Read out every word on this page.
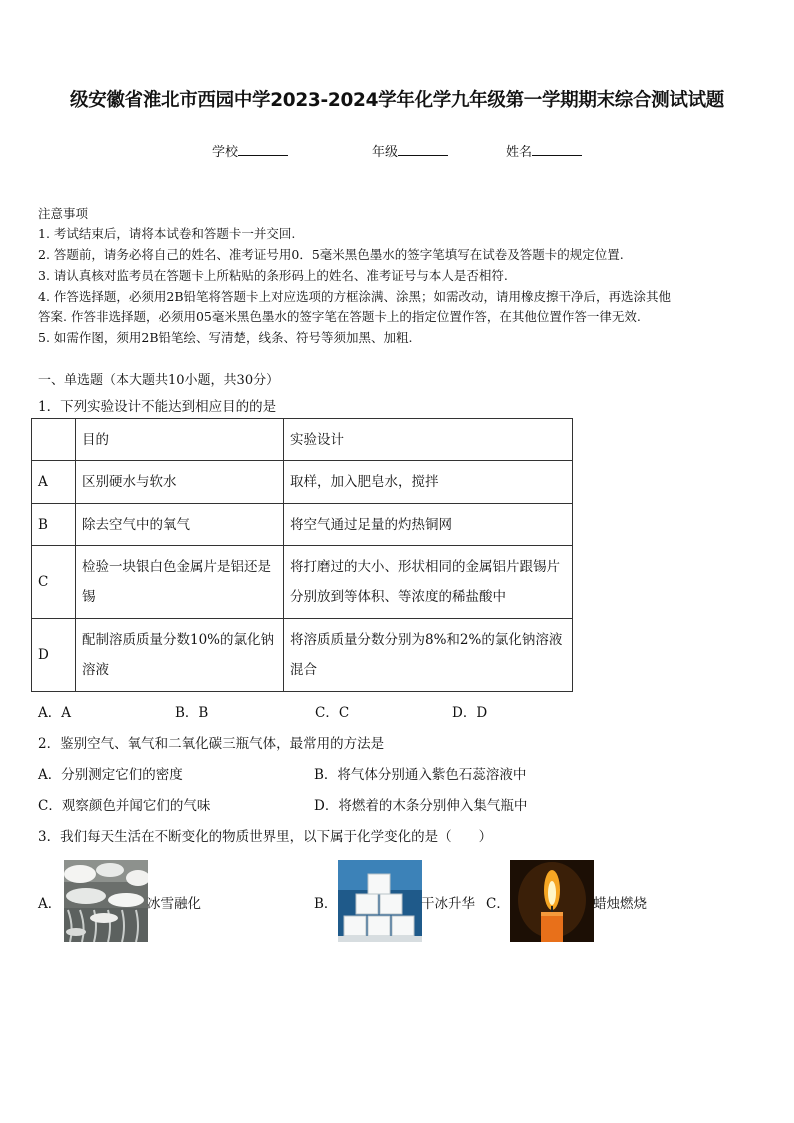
级安徽省淮北市西园中学2023-2024学年化学九年级第一学期期末综合测试试题
学校	年级	姓名
注意事项
1. 考试结束后，请将本试卷和答题卡一并交回.
2. 答题前，请务必将自己的姓名、准考证号用0．5毫米黑色墨水的签字笔填写在试卷及答题卡的规定位置.
3. 请认真核对监考员在答题卡上所粘贴的条形码上的姓名、准考证号与本人是否相符.
4. 作答选择题，必须用2B铅笔将答题卡上对应选项的方框涂满、涂黑；如需改动，请用橡皮擦干净后，再选涂其他
答案. 作答非选择题，必须用05毫米黑色墨水的签字笔在答题卡上的指定位置作答，在其他位置作答一律无效.
5. 如需作图，须用2B铅笔绘、写清楚，线条、符号等须加黑、加粗.
一、单选题（本大题共10小题，共30分）
1．下列实验设计不能达到相应目的的是
	目的	实验设计
A	区别硬水与软水	取样，加入肥皂水，搅拌
B	除去空气中的氧气	将空气通过足量的灼热铜网
C	检验一块银白色金属片是铝还是锡	将打磨过的大小、形状相同的金属铝片跟锡片分别放到等体积、等浓度的稀盐酸中
D	配制溶质质量分数10%的氯化钠溶液	将溶质质量分数分别为8%和2%的氯化钠溶液混合
A．A	B．B	C．C	D．D
2．鉴别空气、氧气和二氧化碳三瓶气体，最常用的方法是
A．分别测定它们的密度	B．将气体分别通入紫色石蕊溶液中
C．观察颜色并闻它们的气味	D．将燃着的木条分别伸入集气瓶中
3．我们每天生活在不断变化的物质世界里，以下属于化学变化的是（　　）
A．	冰雪融化	B．	干冰升华 C．	蜡烛燃烧
